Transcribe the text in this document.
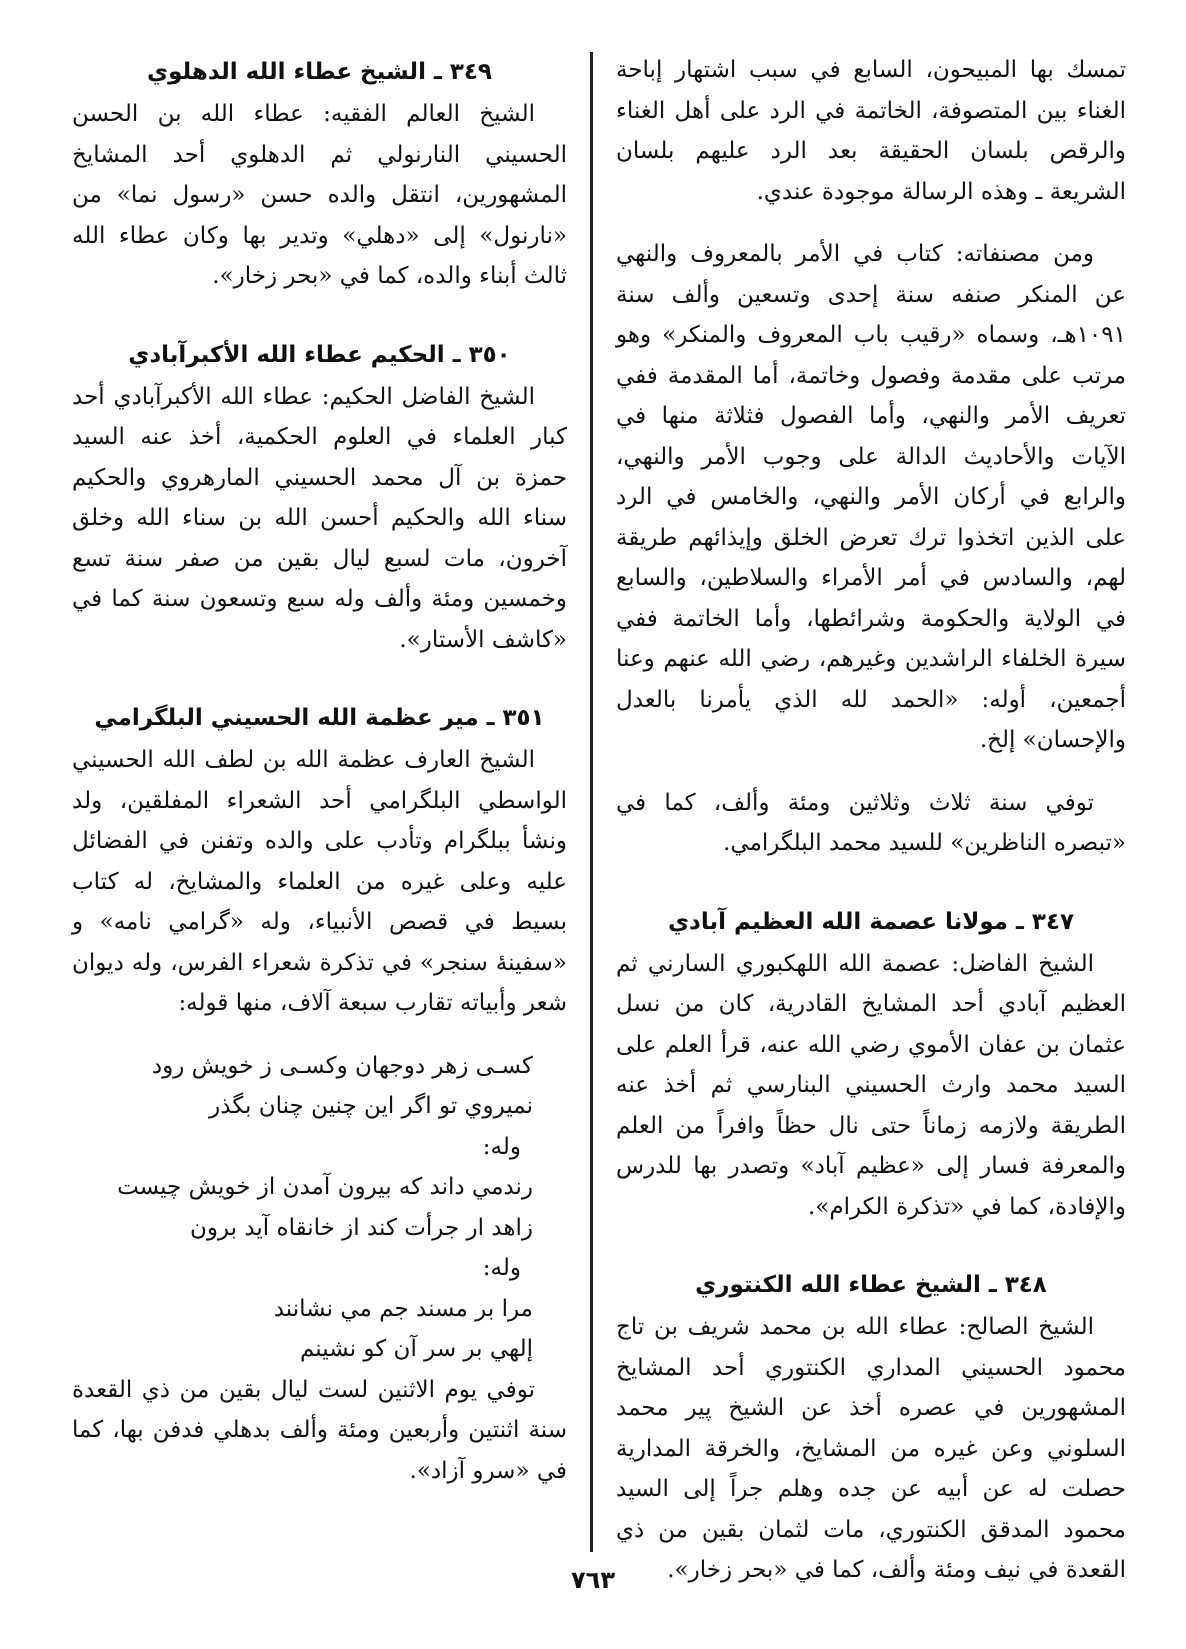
تمسك بها المبيحون، السابع في سبب اشتهار إباحة الغناء بين المتصوفة، الخاتمة في الرد على أهل الغناء والرقص بلسان الحقيقة بعد الرد عليهم بلسان الشريعة ـ وهذه الرسالة موجودة عندي.

ومن مصنفاته: كتاب في الأمر بالمعروف والنهي عن المنكر صنفه سنة إحدى وتسعين وألف سنة ١٠٩١هـ، وسماه «رقيب باب المعروف والمنكر» وهو مرتب على مقدمة وفصول وخاتمة، أما المقدمة ففي تعريف الأمر والنهي، وأما الفصول فثلاثة منها في الآيات والأحاديث الدالة على وجوب الأمر والنهي، والرابع في أركان الأمر والنهي، والخامس في الرد على الذين اتخذوا ترك تعرض الخلق وإيذائهم طريقة لهم، والسادس في أمر الأمراء والسلاطين، والسابع في الولاية والحكومة وشرائطها، وأما الخاتمة ففي سيرة الخلفاء الراشدين وغيرهم، رضي الله عنهم وعنا أجمعين، أوله: «الحمد لله الذي يأمرنا بالعدل والإحسان» إلخ.

توفي سنة ثلاث وثلاثين ومئة وألف، كما في «تبصره الناظرين» للسيد محمد البلگرامي.

٣٤٧ ـ مولانا عصمة الله العظيم آبادي

الشيخ الفاضل: عصمة الله اللهكبوري السارني ثم العظيم آبادي أحد المشايخ القادرية، كان من نسل عثمان بن عفان الأموي رضي الله عنه، قرأ العلم على السيد محمد وارث الحسيني البنارسي ثم أخذ عنه الطريقة ولازمه زماناً حتى نال حظاً وافراً من العلم والمعرفة فسار إلى «عظيم آباد» وتصدر بها للدرس والإفادة، كما في «تذكرة الكرام».

٣٤٨ ـ الشيخ عطاء الله الكنتوري

الشيخ الصالح: عطاء الله بن محمد شريف بن تاج محمود الحسيني المداري الكنتوري أحد المشايخ المشهورين في عصره أخذ عن الشيخ پير محمد السلوني وعن غيره من المشايخ، والخرقة المدارية حصلت له عن أبيه عن جده وهلم جراً إلى السيد محمود المدقق الكنتوري، مات لثمان بقين من ذي القعدة في نيف ومئة وألف، كما في «بحر زخار».

٣٤٩ ـ الشيخ عطاء الله الدهلوي

الشيخ العالم الفقيه: عطاء الله بن الحسن الحسيني النارنولي ثم الدهلوي أحد المشايخ المشهورين، انتقل والده حسن «رسول نما» من «نارنول» إلى «دهلي» وتدير بها وكان عطاء الله ثالث أبناء والده، كما في «بحر زخار».

٣٥٠ ـ الحكيم عطاء الله الأكبرآبادي

الشيخ الفاضل الحكيم: عطاء الله الأكبرآبادي أحد كبار العلماء في العلوم الحكمية، أخذ عنه السيد حمزة بن آل محمد الحسيني المارهروي والحكيم سناء الله والحكيم أحسن الله بن سناء الله وخلق آخرون، مات لسبع ليال بقين من صفر سنة تسع وخمسين ومئة وألف وله سبع وتسعون سنة كما في «كاشف الأستار».

٣٥١ ـ مير عظمة الله الحسيني البلگرامي

الشيخ العارف عظمة الله بن لطف الله الحسيني الواسطي البلگرامي أحد الشعراء المفلقين، ولد ونشأ ببلگرام وتأدب على والده وتفنن في الفضائل عليه وعلى غيره من العلماء والمشايخ، له كتاب بسيط في قصص الأنبياء، وله «گرامي نامه» و «سفينهٔ سنجر» في تذكرة شعراء الفرس، وله ديوان شعر وأبياته تقارب سبعة آلاف، منها قوله:

كسـى زهر دوجهان وكسـى ز خويش رود
نميروي تو اگر اين چنين چنان بگذر

وله:

رندمي داند كه بيرون آمدن از خويش چيست
زاهد ار جرأت كند از خانقاه آيد برون

وله:

مرا بر مسند جم مي نشانند
إلهي بر سر آن كو نشينم

توفي يوم الاثنين لست ليال بقين من ذي القعدة سنة اثنتين وأربعين ومئة وألف بدهلي فدفن بها، كما في «سرو آزاد».

٧٦٣
